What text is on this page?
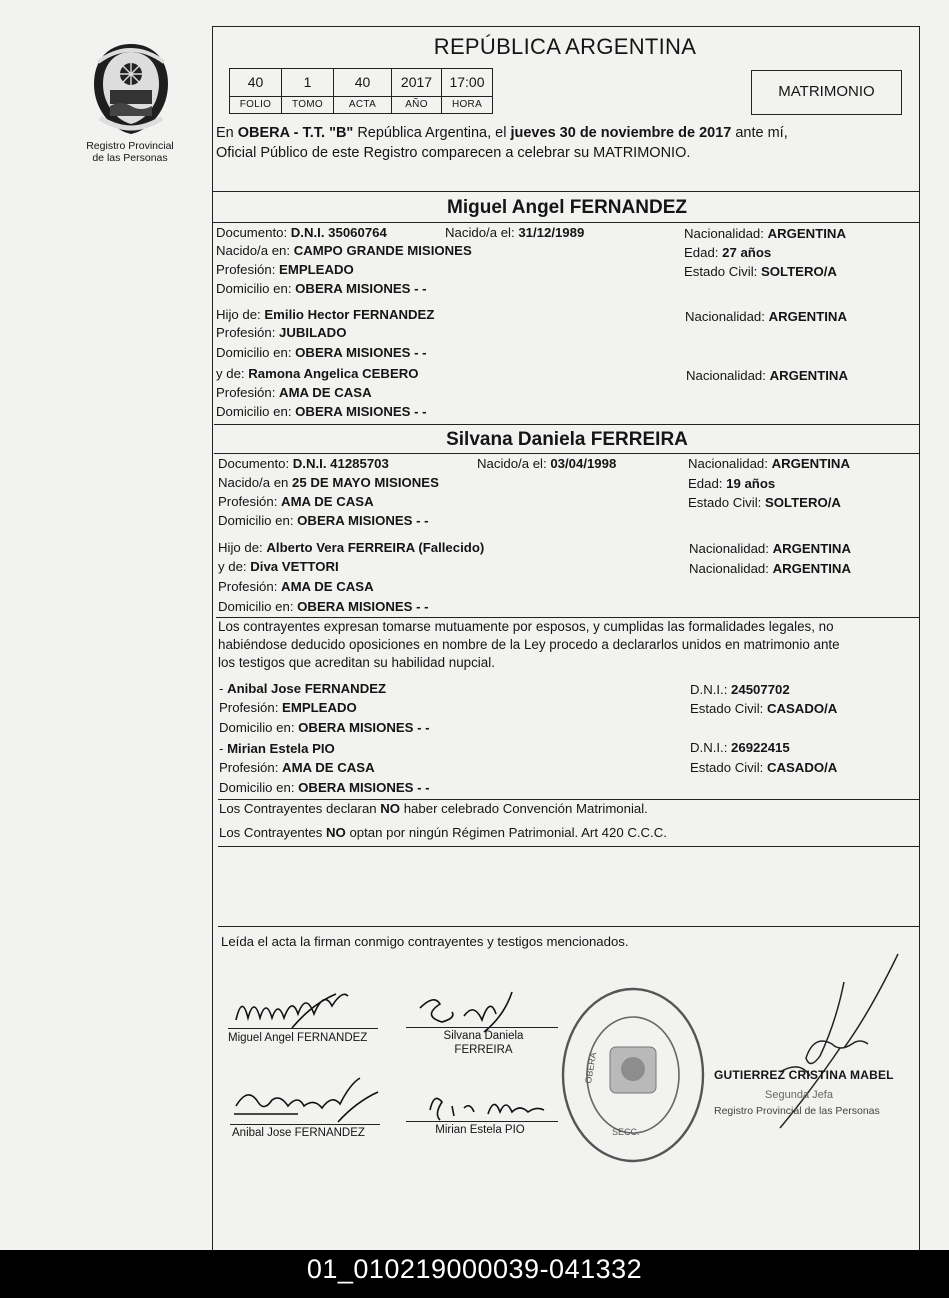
Registro Provincial
de las Personas
REPÚBLICA ARGENTINA
40	1	40	2017	17:00
FOLIO	TOMO	ACTA	AÑO	HORA
MATRIMONIO
En OBERA - T.T. "B" República Argentina, el jueves 30 de noviembre de 2017 ante mí,
Oficial Público de este Registro comparecen a celebrar su MATRIMONIO.
Miguel Angel FERNANDEZ
Documento: D.N.I. 35060764	Nacido/a el: 31/12/1989	Nacionalidad: ARGENTINA
Nacido/a en: CAMPO GRANDE MISIONES	Edad: 27 años
Profesión: EMPLEADO	Estado Civil: SOLTERO/A
Domicilio en: OBERA MISIONES - -
Hijo de: Emilio Hector FERNANDEZ	Nacionalidad: ARGENTINA
Profesión: JUBILADO
Domicilio en: OBERA MISIONES - -
y de: Ramona Angelica CEBERO	Nacionalidad: ARGENTINA
Profesión: AMA DE CASA
Domicilio en: OBERA MISIONES - -
Silvana Daniela FERREIRA
Documento: D.N.I. 41285703	Nacido/a el: 03/04/1998	Nacionalidad: ARGENTINA
Nacido/a en 25 DE MAYO MISIONES	Edad: 19 años
Profesión: AMA DE CASA	Estado Civil: SOLTERO/A
Domicilio en: OBERA MISIONES - -
Hijo de: Alberto Vera FERREIRA (Fallecido)	Nacionalidad: ARGENTINA
y de: Diva VETTORI	Nacionalidad: ARGENTINA
Profesión: AMA DE CASA
Domicilio en: OBERA MISIONES - -
Los contrayentes expresan tomarse mutuamente por esposos, y cumplidas las formalidades legales, no
habiéndose deducido oposiciones en nombre de la Ley procedo a declararlos unidos en matrimonio ante
los testigos que acreditan su habilidad nupcial.
- Anibal Jose FERNANDEZ	D.N.I.: 24507702
Profesión: EMPLEADO	Estado Civil: CASADO/A
Domicilio en: OBERA MISIONES - -
- Mirian Estela PIO	D.N.I.: 26922415
Profesión: AMA DE CASA	Estado Civil: CASADO/A
Domicilio en: OBERA MISIONES - -
Los Contrayentes declaran NO haber celebrado Convención Matrimonial.
Los Contrayentes NO optan por ningún Régimen Patrimonial. Art 420 C.C.C.
Leída el acta la firman conmigo contrayentes y testigos mencionados.
Miguel Angel FERNANDEZ	Silvana Daniela
FERREIRA
Anibal Jose FERNANDEZ	Mirian Estela PIO
OBERA
SECC.
GUTIERREZ CRISTINA MABEL
Segunda Jefa
Registro Provincial de las Personas
01_010219000039-041332
